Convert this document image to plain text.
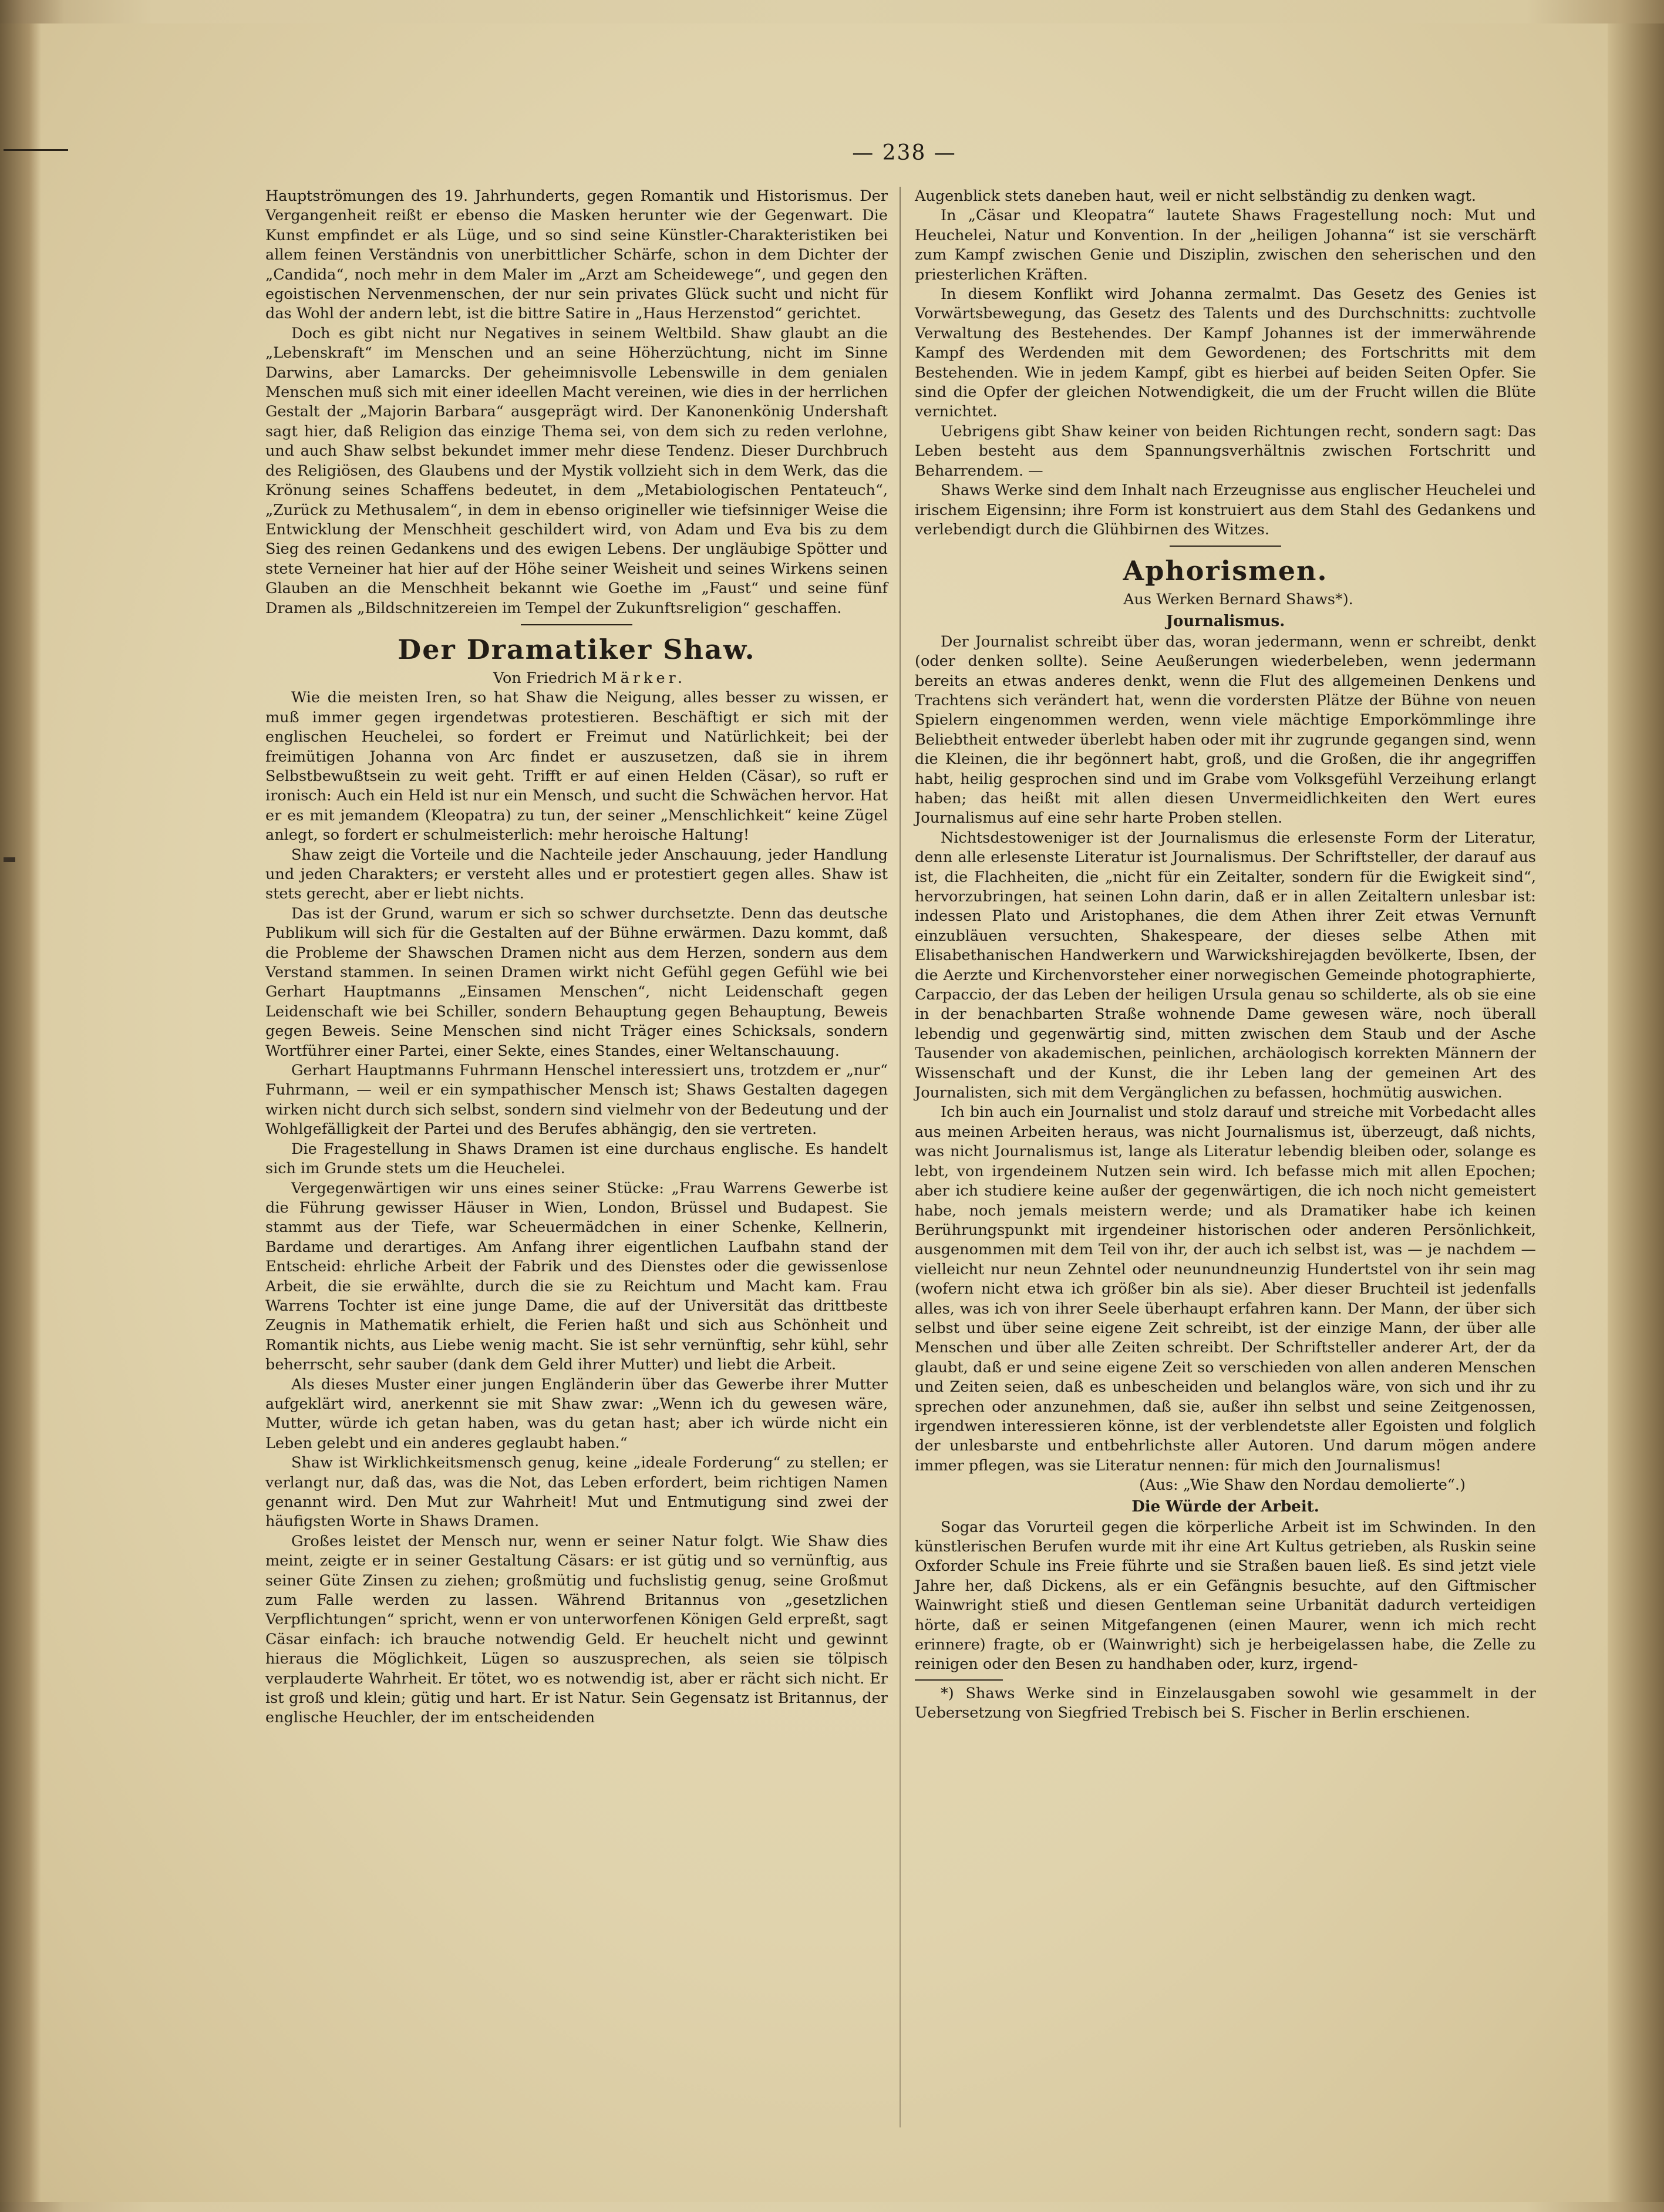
— 238 —

Hauptströmungen des 19. Jahrhunderts, gegen Romantik und Historismus. Der Vergangenheit reißt er ebenso die Masken herunter wie der Gegenwart. Die Kunst empfindet er als Lüge, und so sind seine Künstler-Charakteristiken bei allem feinen Verständnis von unerbittlicher Schärfe, schon in dem Dichter der „Candida“, noch mehr in dem Maler im „Arzt am Scheidewege“, und gegen den egoistischen Nervenmenschen, der nur sein privates Glück sucht und nicht für das Wohl der andern lebt, ist die bittre Satire in „Haus Herzenstod“ gerichtet.

Doch es gibt nicht nur Negatives in seinem Weltbild. Shaw glaubt an die „Lebenskraft“ im Menschen und an seine Höherzüchtung, nicht im Sinne Darwins, aber Lamarcks. Der geheimnisvolle Lebenswille in dem genialen Menschen muß sich mit einer ideellen Macht vereinen, wie dies in der herrlichen Gestalt der „Majorin Barbara“ ausgeprägt wird. Der Kanonenkönig Undershaft sagt hier, daß Religion das einzige Thema sei, von dem sich zu reden verlohne, und auch Shaw selbst bekundet immer mehr diese Tendenz. Dieser Durchbruch des Religiösen, des Glaubens und der Mystik vollzieht sich in dem Werk, das die Krönung seines Schaffens bedeutet, in dem „Metabiologischen Pentateuch“, „Zurück zu Methusalem“, in dem in ebenso origineller wie tiefsinniger Weise die Entwicklung der Menschheit geschildert wird, von Adam und Eva bis zu dem Sieg des reinen Gedankens und des ewigen Lebens. Der ungläubige Spötter und stete Verneiner hat hier auf der Höhe seiner Weisheit und seines Wirkens seinen Glauben an die Menschheit bekannt wie Goethe im „Faust“ und seine fünf Dramen als „Bildschnitzereien im Tempel der Zukunftsreligion“ geschaffen.

Der Dramatiker Shaw.

Von Friedrich Märker.

Wie die meisten Iren, so hat Shaw die Neigung, alles besser zu wissen, er muß immer gegen irgendetwas protestieren. Beschäftigt er sich mit der englischen Heuchelei, so fordert er Freimut und Natürlichkeit; bei der freimütigen Johanna von Arc findet er auszusetzen, daß sie in ihrem Selbstbewußtsein zu weit geht. Trifft er auf einen Helden (Cäsar), so ruft er ironisch: Auch ein Held ist nur ein Mensch, und sucht die Schwächen hervor. Hat er es mit jemandem (Kleopatra) zu tun, der seiner „Menschlichkeit“ keine Zügel anlegt, so fordert er schulmeisterlich: mehr heroische Haltung!

Shaw zeigt die Vorteile und die Nachteile jeder Anschauung, jeder Handlung und jeden Charakters; er versteht alles und er protestiert gegen alles. Shaw ist stets gerecht, aber er liebt nichts.

Das ist der Grund, warum er sich so schwer durchsetzte. Denn das deutsche Publikum will sich für die Gestalten auf der Bühne erwärmen. Dazu kommt, daß die Probleme der Shawschen Dramen nicht aus dem Herzen, sondern aus dem Verstand stammen. In seinen Dramen wirkt nicht Gefühl gegen Gefühl wie bei Gerhart Hauptmanns „Einsamen Menschen“, nicht Leidenschaft gegen Leidenschaft wie bei Schiller, sondern Behauptung gegen Behauptung, Beweis gegen Beweis. Seine Menschen sind nicht Träger eines Schicksals, sondern Wortführer einer Partei, einer Sekte, eines Standes, einer Weltanschauung.

Gerhart Hauptmanns Fuhrmann Henschel interessiert uns, trotzdem er „nur“ Fuhrmann, — weil er ein sympathischer Mensch ist; Shaws Gestalten dagegen wirken nicht durch sich selbst, sondern sind vielmehr von der Bedeutung und der Wohlgefälligkeit der Partei und des Berufes abhängig, den sie vertreten.

Die Fragestellung in Shaws Dramen ist eine durchaus englische. Es handelt sich im Grunde stets um die Heuchelei.

Vergegenwärtigen wir uns eines seiner Stücke: „Frau Warrens Gewerbe ist die Führung gewisser Häuser in Wien, London, Brüssel und Budapest. Sie stammt aus der Tiefe, war Scheuermädchen in einer Schenke, Kellnerin, Bardame und derartiges. Am Anfang ihrer eigentlichen Laufbahn stand der Entscheid: ehrliche Arbeit der Fabrik und des Dienstes oder die gewissenlose Arbeit, die sie erwählte, durch die sie zu Reichtum und Macht kam. Frau Warrens Tochter ist eine junge Dame, die auf der Universität das drittbeste Zeugnis in Mathematik erhielt, die Ferien haßt und sich aus Schönheit und Romantik nichts, aus Liebe wenig macht. Sie ist sehr vernünftig, sehr kühl, sehr beherrscht, sehr sauber (dank dem Geld ihrer Mutter) und liebt die Arbeit.

Als dieses Muster einer jungen Engländerin über das Gewerbe ihrer Mutter aufgeklärt wird, anerkennt sie mit Shaw zwar: „Wenn ich du gewesen wäre, Mutter, würde ich getan haben, was du getan hast; aber ich würde nicht ein Leben gelebt und ein anderes geglaubt haben.“

Shaw ist Wirklichkeitsmensch genug, keine „ideale Forderung“ zu stellen; er verlangt nur, daß das, was die Not, das Leben erfordert, beim richtigen Namen genannt wird. Den Mut zur Wahrheit! Mut und Entmutigung sind zwei der häufigsten Worte in Shaws Dramen.

Großes leistet der Mensch nur, wenn er seiner Natur folgt. Wie Shaw dies meint, zeigte er in seiner Gestaltung Cäsars: er ist gütig und so vernünftig, aus seiner Güte Zinsen zu ziehen; großmütig und fuchslistig genug, seine Großmut zum Falle werden zu lassen. Während Britannus von „gesetzlichen Verpflichtungen“ spricht, wenn er von unterworfenen Königen Geld erpreßt, sagt Cäsar einfach: ich brauche notwendig Geld. Er heuchelt nicht und gewinnt hieraus die Möglichkeit, Lügen so auszusprechen, als seien sie tölpisch verplauderte Wahrheit. Er tötet, wo es notwendig ist, aber er rächt sich nicht. Er ist groß und klein; gütig und hart. Er ist Natur. Sein Gegensatz ist Britannus, der englische Heuchler, der im entscheidenden

Augenblick stets daneben haut, weil er nicht selbständig zu denken wagt.

In „Cäsar und Kleopatra“ lautete Shaws Fragestellung noch: Mut und Heuchelei, Natur und Konvention. In der „heiligen Johanna“ ist sie verschärft zum Kampf zwischen Genie und Disziplin, zwischen den seherischen und den priesterlichen Kräften.

In diesem Konflikt wird Johanna zermalmt. Das Gesetz des Genies ist Vorwärtsbewegung, das Gesetz des Talents und des Durchschnitts: zuchtvolle Verwaltung des Bestehendes. Der Kampf Johannes ist der immerwährende Kampf des Werdenden mit dem Gewordenen; des Fortschritts mit dem Bestehenden. Wie in jedem Kampf, gibt es hierbei auf beiden Seiten Opfer. Sie sind die Opfer der gleichen Notwendigkeit, die um der Frucht willen die Blüte vernichtet.

Uebrigens gibt Shaw keiner von beiden Richtungen recht, sondern sagt: Das Leben besteht aus dem Spannungsverhältnis zwischen Fortschritt und Beharrendem. —

Shaws Werke sind dem Inhalt nach Erzeugnisse aus englischer Heuchelei und irischem Eigensinn; ihre Form ist konstruiert aus dem Stahl des Gedankens und verlebendigt durch die Glühbirnen des Witzes.

Aphorismen.

Aus Werken Bernard Shaws*).

Journalismus.

Der Journalist schreibt über das, woran jedermann, wenn er schreibt, denkt (oder denken sollte). Seine Aeußerungen wiederbeleben, wenn jedermann bereits an etwas anderes denkt, wenn die Flut des allgemeinen Denkens und Trachtens sich verändert hat, wenn die vordersten Plätze der Bühne von neuen Spielern eingenommen werden, wenn viele mächtige Emporkömmlinge ihre Beliebtheit entweder überlebt haben oder mit ihr zugrunde gegangen sind, wenn die Kleinen, die ihr begönnert habt, groß, und die Großen, die ihr angegriffen habt, heilig gesprochen sind und im Grabe vom Volksgefühl Verzeihung erlangt haben; das heißt mit allen diesen Unvermeidlichkeiten den Wert eures Journalismus auf eine sehr harte Proben stellen.

Nichtsdestoweniger ist der Journalismus die erlesenste Form der Literatur, denn alle erlesenste Literatur ist Journalismus. Der Schriftsteller, der darauf aus ist, die Flachheiten, die „nicht für ein Zeitalter, sondern für die Ewigkeit sind“, hervorzubringen, hat seinen Lohn darin, daß er in allen Zeitaltern unlesbar ist: indessen Plato und Aristophanes, die dem Athen ihrer Zeit etwas Vernunft einzubläuen versuchten, Shakespeare, der dieses selbe Athen mit Elisabethanischen Handwerkern und Warwickshirejagden bevölkerte, Ibsen, der die Aerzte und Kirchenvorsteher einer norwegischen Gemeinde photographierte, Carpaccio, der das Leben der heiligen Ursula genau so schilderte, als ob sie eine in der benachbarten Straße wohnende Dame gewesen wäre, noch überall lebendig und gegenwärtig sind, mitten zwischen dem Staub und der Asche Tausender von akademischen, peinlichen, archäologisch korrekten Männern der Wissenschaft und der Kunst, die ihr Leben lang der gemeinen Art des Journalisten, sich mit dem Vergänglichen zu befassen, hochmütig auswichen.

Ich bin auch ein Journalist und stolz darauf und streiche mit Vorbedacht alles aus meinen Arbeiten heraus, was nicht Journalismus ist, überzeugt, daß nichts, was nicht Journalismus ist, lange als Literatur lebendig bleiben oder, solange es lebt, von irgendeinem Nutzen sein wird. Ich befasse mich mit allen Epochen; aber ich studiere keine außer der gegenwärtigen, die ich noch nicht gemeistert habe, noch jemals meistern werde; und als Dramatiker habe ich keinen Berührungspunkt mit irgendeiner historischen oder anderen Persönlichkeit, ausgenommen mit dem Teil von ihr, der auch ich selbst ist, was — je nachdem — vielleicht nur neun Zehntel oder neunundneunzig Hundertstel von ihr sein mag (wofern nicht etwa ich größer bin als sie). Aber dieser Bruchteil ist jedenfalls alles, was ich von ihrer Seele überhaupt erfahren kann. Der Mann, der über sich selbst und über seine eigene Zeit schreibt, ist der einzige Mann, der über alle Menschen und über alle Zeiten schreibt. Der Schriftsteller anderer Art, der da glaubt, daß er und seine eigene Zeit so verschieden von allen anderen Menschen und Zeiten seien, daß es unbescheiden und belanglos wäre, von sich und ihr zu sprechen oder anzunehmen, daß sie, außer ihn selbst und seine Zeitgenossen, irgendwen interessieren könne, ist der verblendetste aller Egoisten und folglich der unlesbarste und entbehrlichste aller Autoren. Und darum mögen andere immer pflegen, was sie Literatur nennen: für mich den Journalismus!

(Aus: „Wie Shaw den Nordau demolierte“.)

Die Würde der Arbeit.

Sogar das Vorurteil gegen die körperliche Arbeit ist im Schwinden. In den künstlerischen Berufen wurde mit ihr eine Art Kultus getrieben, als Ruskin seine Oxforder Schule ins Freie führte und sie Straßen bauen ließ. Es sind jetzt viele Jahre her, daß Dickens, als er ein Gefängnis besuchte, auf den Giftmischer Wainwright stieß und diesen Gentleman seine Urbanität dadurch verteidigen hörte, daß er seinen Mitgefangenen (einen Maurer, wenn ich mich recht erinnere) fragte, ob er (Wainwright) sich je herbeigelassen habe, die Zelle zu reinigen oder den Besen zu handhaben oder, kurz, irgend-

*) Shaws Werke sind in Einzelausgaben sowohl wie gesammelt in der Uebersetzung von Siegfried Trebisch bei S. Fischer in Berlin erschienen.
